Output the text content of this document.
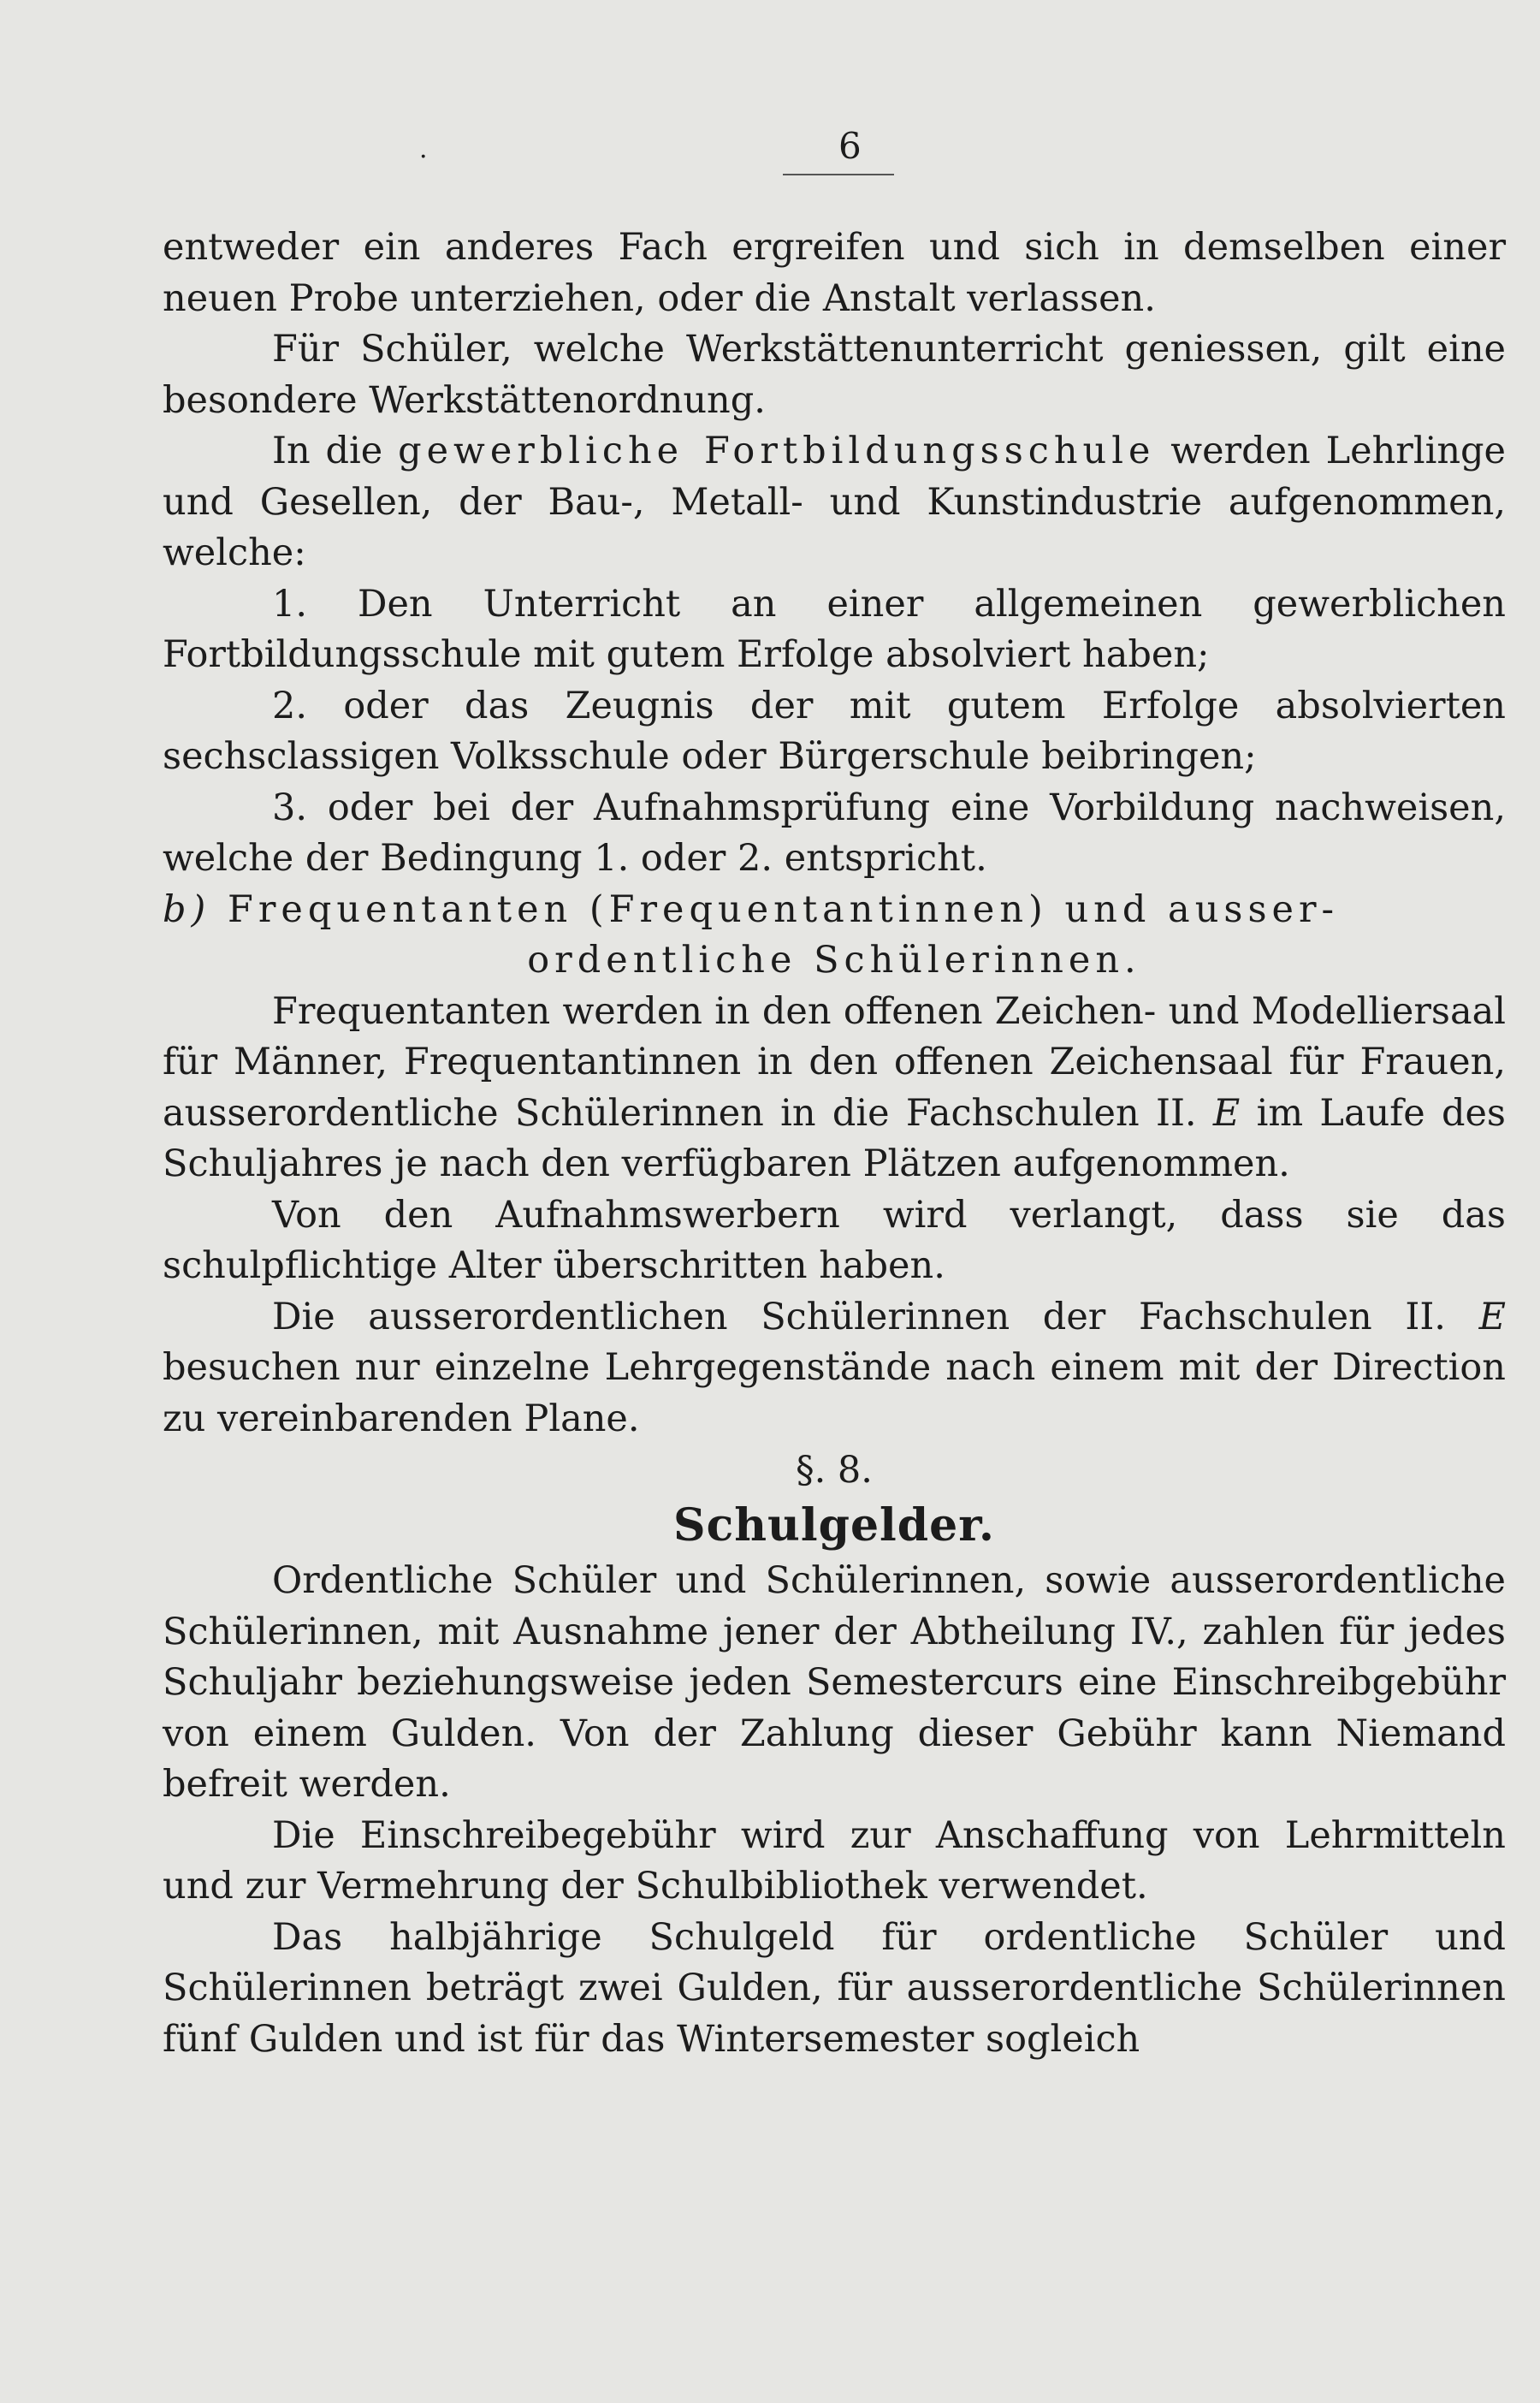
·	6

entweder ein anderes Fach ergreifen und sich in demselben einer neuen Probe unterziehen, oder die Anstalt verlassen.

Für Schüler, welche Werkstättenunterricht geniessen, gilt eine besondere Werkstättenordnung.

In die gewerbliche Fortbildungsschule werden Lehrlinge und Gesellen, der Bau-, Metall- und Kunstindustrie aufgenommen, welche:

1. Den Unterricht an einer allgemeinen gewerblichen Fortbildungsschule mit gutem Erfolge absolviert haben;

2. oder das Zeugnis der mit gutem Erfolge absolvierten sechsclassigen Volksschule oder Bürgerschule beibringen;

3. oder bei der Aufnahmsprüfung eine Vorbildung nachweisen, welche der Bedingung 1. oder 2. entspricht.

b) Frequentanten (Frequentantinnen) und ausser-

ordentliche Schülerinnen.

Frequentanten werden in den offenen Zeichen- und Modelliersaal für Männer, Frequentantinnen in den offenen Zeichensaal für Frauen, ausserordentliche Schülerinnen in die Fachschulen II. E im Laufe des Schuljahres je nach den verfügbaren Plätzen aufgenommen.

Von den Aufnahmswerbern wird verlangt, dass sie das schulpflichtige Alter überschritten haben.

Die ausserordentlichen Schülerinnen der Fachschulen II. E besuchen nur einzelne Lehrgegenstände nach einem mit der Direction zu vereinbarenden Plane.

§. 8.

Schulgelder.

Ordentliche Schüler und Schülerinnen, sowie ausserordentliche Schülerinnen, mit Ausnahme jener der Abtheilung IV., zahlen für jedes Schuljahr beziehungsweise jeden Semestercurs eine Einschreibgebühr von einem Gulden. Von der Zahlung dieser Gebühr kann Niemand befreit werden.

Die Einschreibegebühr wird zur Anschaffung von Lehrmitteln und zur Vermehrung der Schulbibliothek verwendet.

Das halbjährige Schulgeld für ordentliche Schüler und Schülerinnen beträgt zwei Gulden, für ausserordentliche Schülerinnen fünf Gulden und ist für das Wintersemester sogleich
